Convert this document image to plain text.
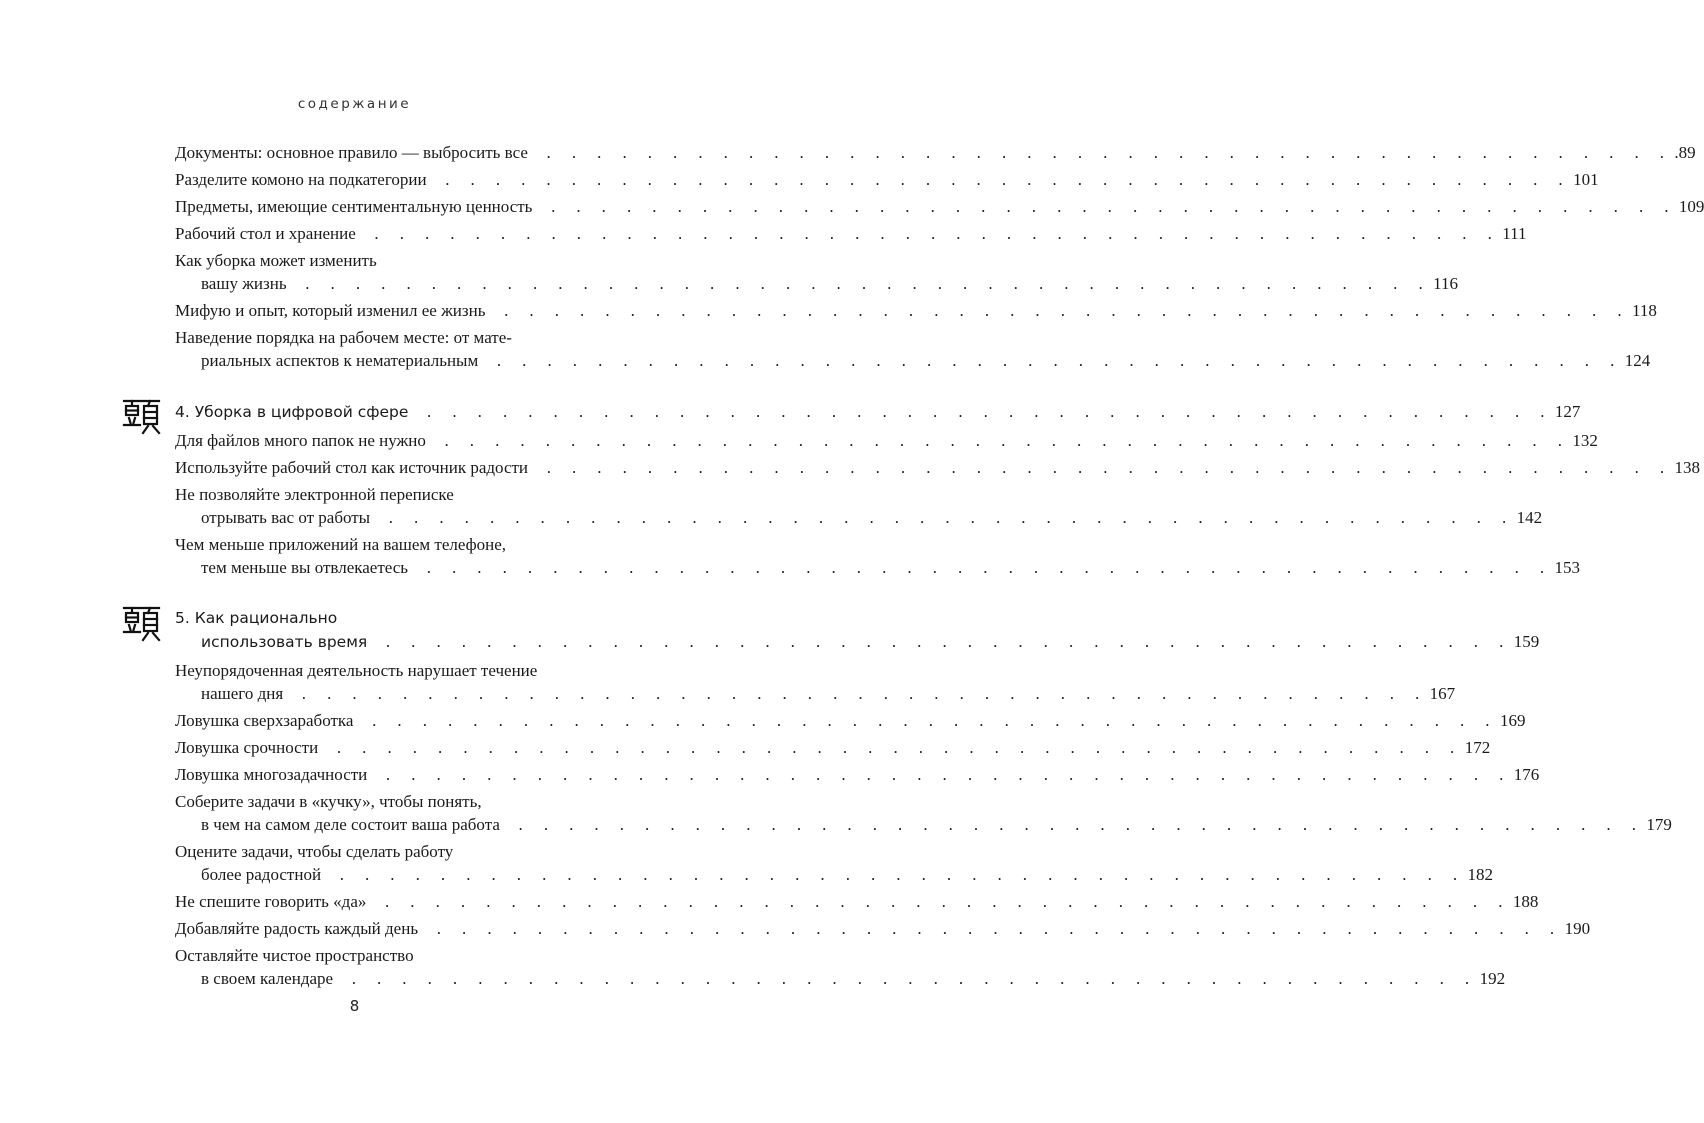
содержание
Документы: основное правило — выбросить все . . . . . . . . . . . . . . . . . . . . . . . . . . . . . . . . . . . . . . . . . . . . . .89
Разделите комоно на подкатегории . . . . . . . . . . . . . . . . . . . . . . . . . . . . . . . . . . . . . . . . . . . . . 101
Предметы, имеющие сентиментальную ценность . . . . . . . . . . . . . . . . . . . . . . . . . . . . . . . . . . . . . . . . . . . . . 109
Рабочий стол и хранение . . . . . . . . . . . . . . . . . . . . . . . . . . . . . . . . . . . . . . . . . . . . . 111
Как уборка может изменить
вашу жизнь . . . . . . . . . . . . . . . . . . . . . . . . . . . . . . . . . . . . . . . . . . . . . 116
Мифую и опыт, который изменил ее жизнь . . . . . . . . . . . . . . . . . . . . . . . . . . . . . . . . . . . . . . . . . . . . . 118
Наведение порядка на рабочем месте: от мате-
риальных аспектов к нематериальным . . . . . . . . . . . . . . . . . . . . . . . . . . . . . . . . . . . . . . . . . . . . . 124
4. Уборка в цифровой сфере . . . . . . . . . . . . . . . . . . . . . . . . . . . . . . . . . . . . . . . . . . . . . 127
Для файлов много папок не нужно . . . . . . . . . . . . . . . . . . . . . . . . . . . . . . . . . . . . . . . . . . . . . 132
Используйте рабочий стол как источник радости . . . . . . . . . . . . . . . . . . . . . . . . . . . . . . . . . . . . . . . . . . . . . 138
Не позволяйте электронной переписке
отрывать вас от работы . . . . . . . . . . . . . . . . . . . . . . . . . . . . . . . . . . . . . . . . . . . . . 142
Чем меньше приложений на вашем телефоне,
тем меньше вы отвлекаетесь . . . . . . . . . . . . . . . . . . . . . . . . . . . . . . . . . . . . . . . . . . . . . 153
5. Как рационально
использовать время . . . . . . . . . . . . . . . . . . . . . . . . . . . . . . . . . . . . . . . . . . . . . 159
Неупорядоченная деятельность нарушает течение
нашего дня . . . . . . . . . . . . . . . . . . . . . . . . . . . . . . . . . . . . . . . . . . . . . 167
Ловушка сверхзаработка . . . . . . . . . . . . . . . . . . . . . . . . . . . . . . . . . . . . . . . . . . . . . 169
Ловушка срочности . . . . . . . . . . . . . . . . . . . . . . . . . . . . . . . . . . . . . . . . . . . . . 172
Ловушка многозадачности . . . . . . . . . . . . . . . . . . . . . . . . . . . . . . . . . . . . . . . . . . . . . 176
Соберите задачи в «кучку», чтобы понять,
в чем на самом деле состоит ваша работа . . . . . . . . . . . . . . . . . . . . . . . . . . . . . . . . . . . . . . . . . . . . . 179
Оцените задачи, чтобы сделать работу
более радостной . . . . . . . . . . . . . . . . . . . . . . . . . . . . . . . . . . . . . . . . . . . . . 182
Не спешите говорить «да» . . . . . . . . . . . . . . . . . . . . . . . . . . . . . . . . . . . . . . . . . . . . . 188
Добавляйте радость каждый день . . . . . . . . . . . . . . . . . . . . . . . . . . . . . . . . . . . . . . . . . . . . . 190
Оставляйте чистое пространство
в своем календаре . . . . . . . . . . . . . . . . . . . . . . . . . . . . . . . . . . . . . . . . . . . . . 192
8
